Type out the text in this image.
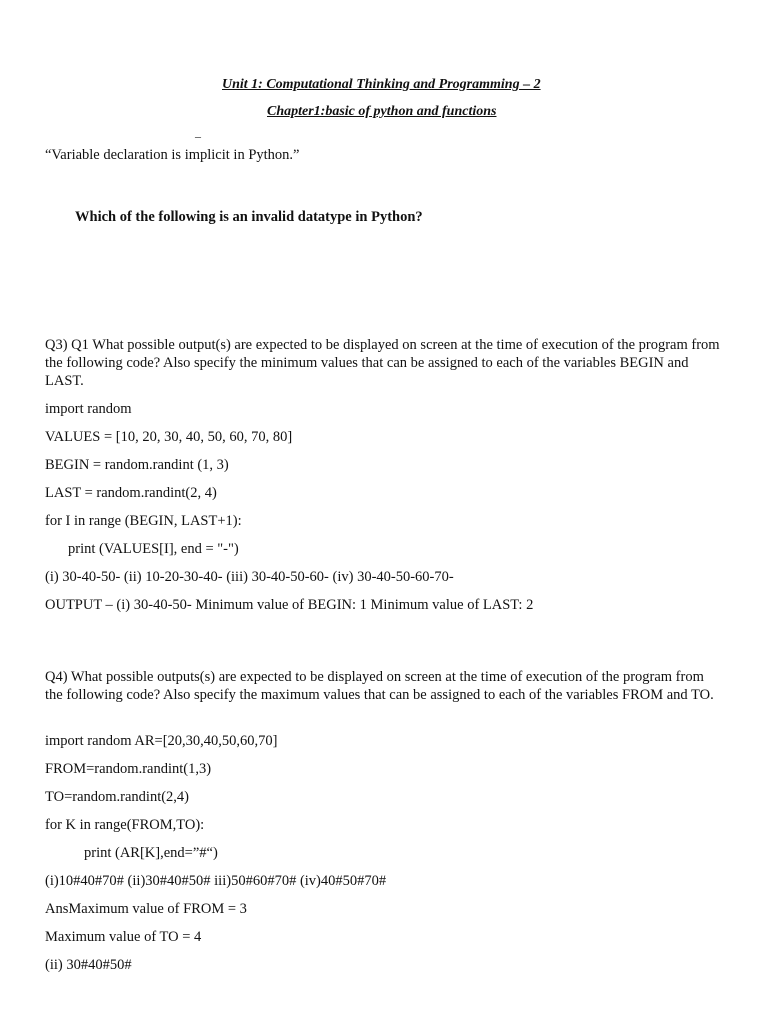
Unit 1: Computational Thinking and Programming – 2
Chapter1:basic of python and functions
–
“Variable declaration is implicit in Python.”
Which of the following is an invalid datatype in Python?
Q3) Q1 What possible output(s) are expected to be displayed on screen at the time of execution of the program from the following code? Also specify the minimum values that can be assigned to each of the variables BEGIN and LAST.
import random
VALUES = [10, 20, 30, 40, 50, 60, 70, 80]
BEGIN = random.randint (1, 3)
LAST = random.randint(2, 4)
for I in range (BEGIN, LAST+1):
print (VALUES[I], end = "-")
(i) 30-40-50- (ii) 10-20-30-40- (iii) 30-40-50-60- (iv) 30-40-50-60-70-
OUTPUT – (i) 30-40-50- Minimum value of BEGIN: 1 Minimum value of LAST: 2
Q4) What possible outputs(s) are expected to be displayed on screen at the time of execution of the program from the following code? Also specify the maximum values that can be assigned to each of the variables FROM and TO.
import random AR=[20,30,40,50,60,70]
FROM=random.randint(1,3)
TO=random.randint(2,4)
for K in range(FROM,TO):
print (AR[K],end=”#“)
(i)10#40#70# (ii)30#40#50# iii)50#60#70# (iv)40#50#70#
AnsMaximum value of FROM = 3
Maximum value of TO = 4
(ii) 30#40#50#
